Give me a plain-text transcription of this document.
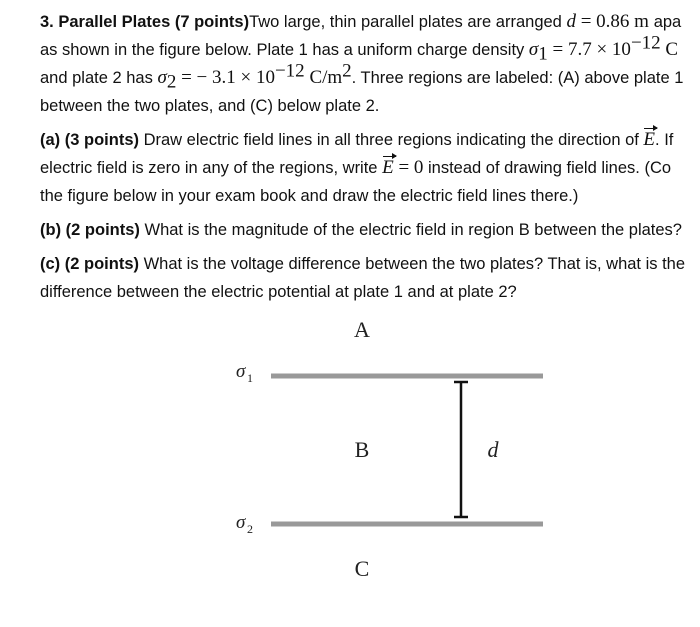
3. Parallel Plates (7 points)Two large, thin parallel plates are arranged d = 0.86 m apa
as shown in the figure below. Plate 1 has a uniform charge density $\sigma_1 = 7.7 \times 10^{-12}$ C
and plate 2 has $\sigma_2$ = − $3.1 \times 10^{-12}$ $C/m^2$. Three regions are labeled: (A) above plate 1
between the two plates, and (C) below plate 2.

(a) (3 points) Draw electric field lines in all three regions indicating the direction of E. If
electric field is zero in any of the regions, write E = 0 instead of drawing field lines. (Co
the figure below in your exam book and draw the electric field lines there.)

(b) (2 points) What is the magnitude of the electric field in region B between the plates?

(c) (2 points) What is the voltage difference between the two plates? That is, what is the
difference between the electric potential at plate 1 and at plate 2?

A
σ 1
B	d
σ 2
C
